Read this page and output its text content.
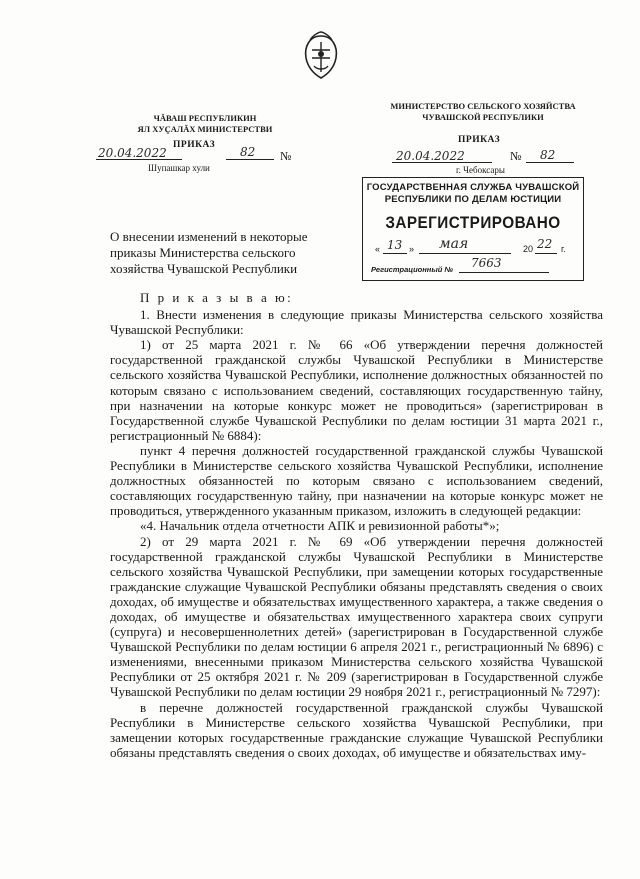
ЧĂВАШ РЕСПУБЛИКИН
ЯЛ ХУҪАЛĂХ МИНИСТЕРСТВИ
ПРИКАЗ
20.04.2022	82 №
Шупашкар хули
МИНИСТЕРСТВО СЕЛЬСКОГО ХОЗЯЙСТВА
ЧУВАШСКОЙ РЕСПУБЛИКИ
ПРИКАЗ
20.04.2022	№ 82
г. Чебоксары
ГОСУДАРСТВЕННАЯ СЛУЖБА ЧУВАШСКОЙ
РЕСПУБЛИКИ ПО ДЕЛАМ ЮСТИЦИИ
ЗАРЕГИСТРИРОВАНО
« 13 » мая	20 22 г.
Регистрационный № 7663
О внесении изменений в некоторые приказы Министерства сельского хозяйства Чувашской Республики

П р и к а з ы в а ю:

1. Внести изменения в следующие приказы Министерства сельского хозяйства Чувашской Республики:

1) от 25 марта 2021 г. № 66 «Об утверждении перечня должностей государственной гражданской службы Чувашской Республики в Министерстве сельского хозяйства Чувашской Республики, исполнение должностных обязанностей по которым связано с использованием сведений, составляющих государственную тайну, при назначении на которые конкурс может не проводиться» (зарегистрирован в Государственной службе Чувашской Республики по делам юстиции 31 марта 2021 г., регистрационный № 6884):

пункт 4 перечня должностей государственной гражданской службы Чувашской Республики в Министерстве сельского хозяйства Чувашской Республики, исполнение должностных обязанностей по которым связано с использованием сведений, составляющих государственную тайну, при назначении на которые конкурс может не проводиться, утвержденного указанным приказом, изложить в следующей редакции:

«4. Начальник отдела отчетности АПК и ревизионной работы*»;

2) от 29 марта 2021 г. № 69 «Об утверждении перечня должностей государственной гражданской службы Чувашской Республики в Министерстве сельского хозяйства Чувашской Республики, при замещении которых государственные гражданские служащие Чувашской Республики обязаны представлять сведения о своих доходах, об имуществе и обязательствах имущественного характера, а также сведения о доходах, об имуществе и обязательствах имущественного характера своих супруги (супруга) и несовершеннолетних детей» (зарегистрирован в Государственной службе Чувашской Республики по делам юстиции 6 апреля 2021 г., регистрационный № 6896) с изменениями, внесенными приказом Министерства сельского хозяйства Чувашской Республики от 25 октября 2021 г. № 209 (зарегистрирован в Государственной службе Чувашской Республики по делам юстиции 29 ноября 2021 г., регистрационный № 7297):

в перечне должностей государственной гражданской службы Чувашской Республики в Министерстве сельского хозяйства Чувашской Республики, при замещении которых государственные гражданские служащие Чувашской Республики обязаны представлять сведения о своих доходах, об имуществе и обязательствах иму-
